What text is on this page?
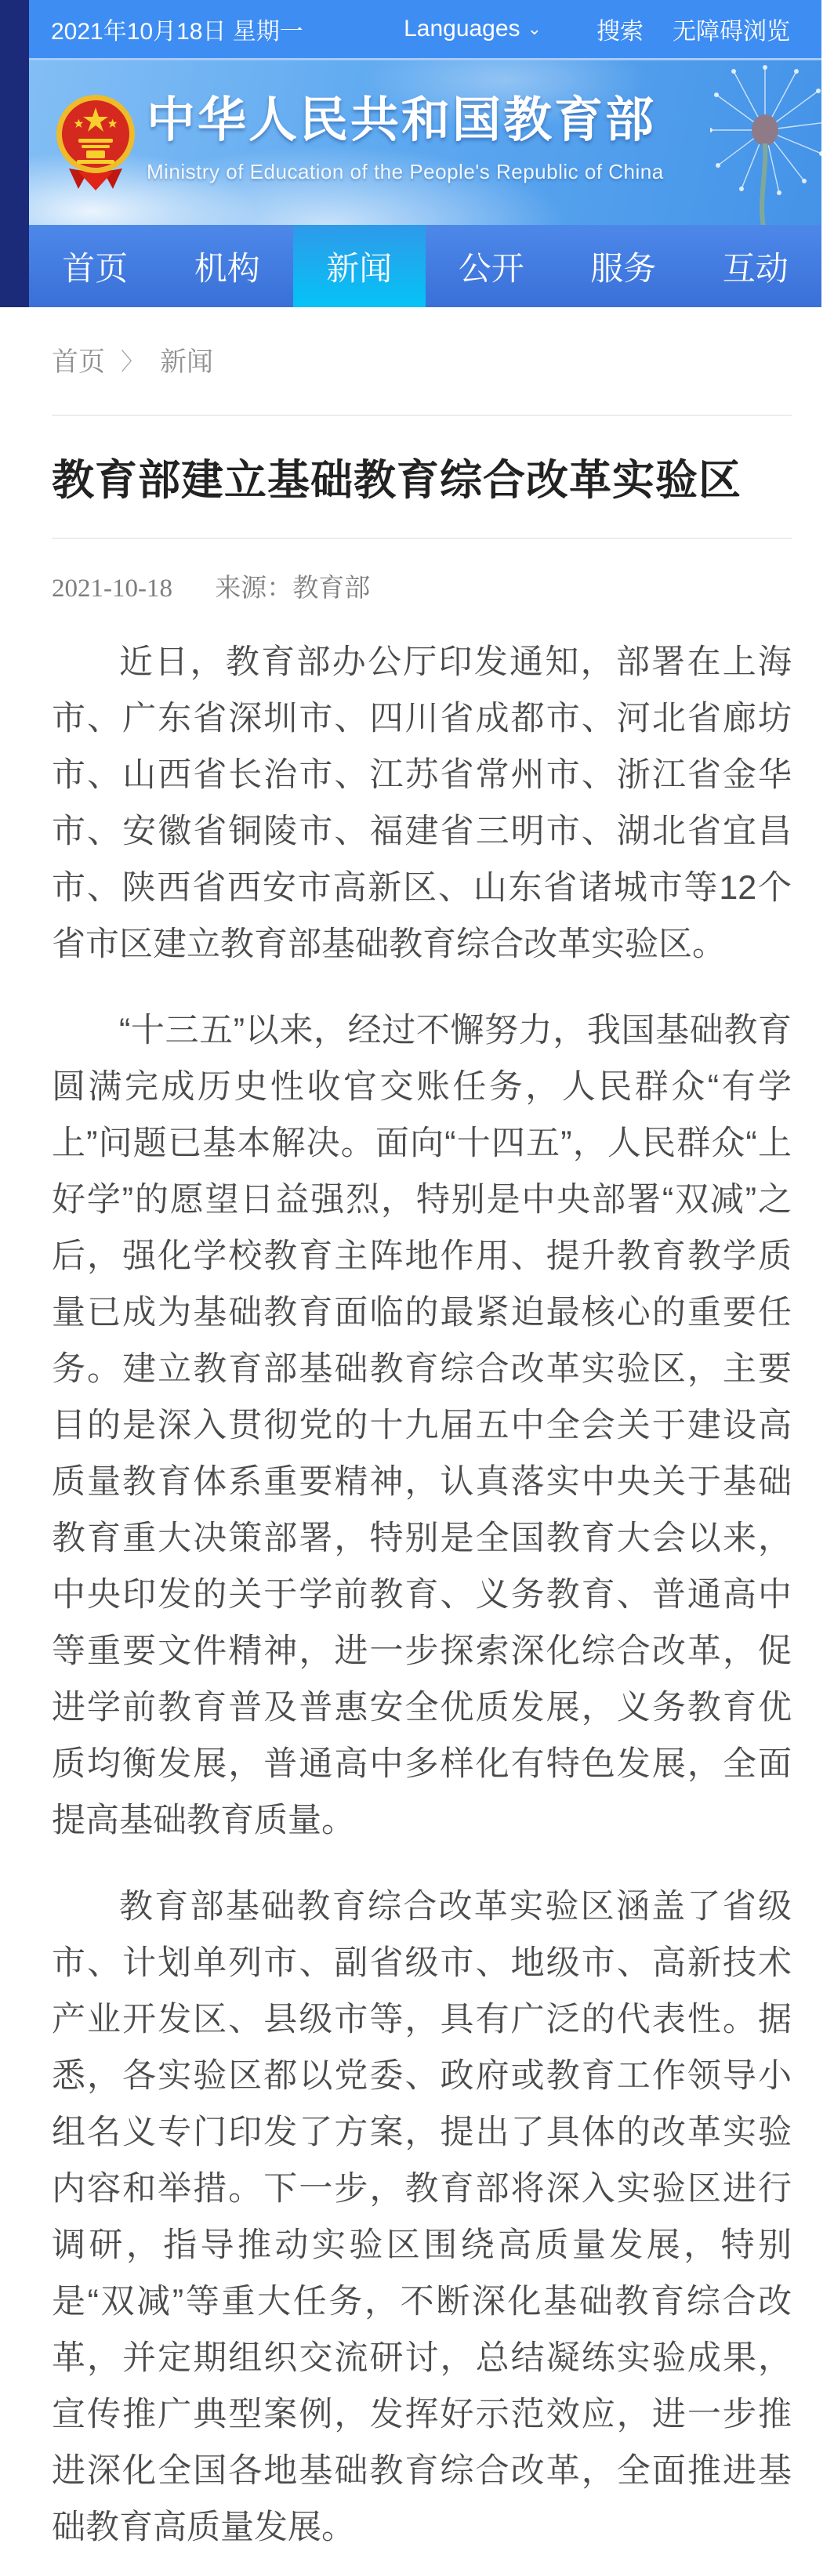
2021年10月18日 星期一	Languages ⌄ 搜索 无障碍浏览
中华人民共和国教育部
Ministry of Education of the People's Republic of China
首页	机构	新闻	公开	服务	互动
首页 〉 新闻
教育部建立基础教育综合改革实验区
2021-10-18 来源：教育部

近日，教育部办公厅印发通知，部署在上海市、广东省深圳市、四川省成都市、河北省廊坊市、山西省长治市、江苏省常州市、浙江省金华市、安徽省铜陵市、福建省三明市、湖北省宜昌市、陕西省西安市高新区、山东省诸城市等12个省市区建立教育部基础教育综合改革实验区。

“十三五”以来，经过不懈努力，我国基础教育圆满完成历史性收官交账任务，人民群众“有学上”问题已基本解决。面向“十四五”，人民群众“上好学”的愿望日益强烈，特别是中央部署“双减”之后，强化学校教育主阵地作用、提升教育教学质量已成为基础教育面临的最紧迫最核心的重要任务。建立教育部基础教育综合改革实验区，主要目的是深入贯彻党的十九届五中全会关于建设高质量教育体系重要精神，认真落实中央关于基础教育重大决策部署，特别是全国教育大会以来，中央印发的关于学前教育、义务教育、普通高中等重要文件精神，进一步探索深化综合改革，促进学前教育普及普惠安全优质发展，义务教育优质均衡发展，普通高中多样化有特色发展，全面提高基础教育质量。

教育部基础教育综合改革实验区涵盖了省级市、计划单列市、副省级市、地级市、高新技术产业开发区、县级市等，具有广泛的代表性。据悉，各实验区都以党委、政府或教育工作领导小组名义专门印发了方案，提出了具体的改革实验内容和举措。下一步，教育部将深入实验区进行调研，指导推动实验区围绕高质量发展，特别是“双减”等重大任务，不断深化基础教育综合改革，并定期组织交流研讨，总结凝练实验成果，宣传推广典型案例，发挥好示范效应，进一步推进深化全国各地基础教育综合改革，全面推进基础教育高质量发展。
